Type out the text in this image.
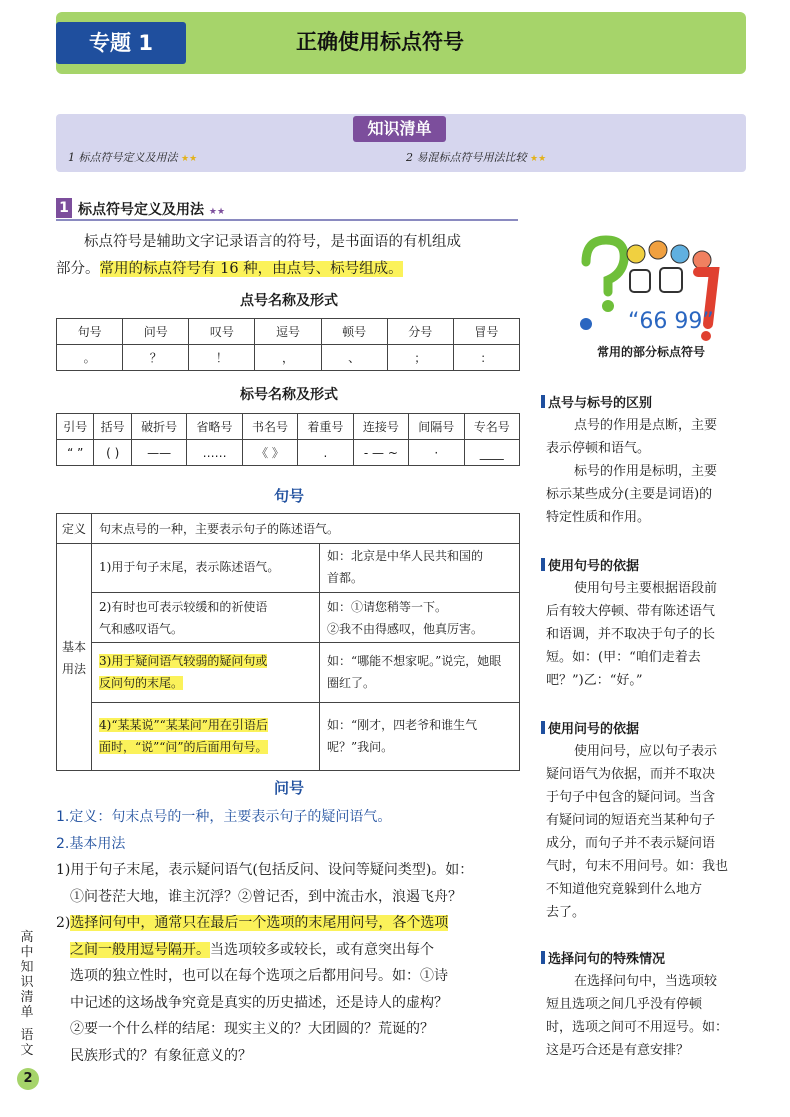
专题 1	正确使用标点符号
知识清单
1 标点符号定义及用法 ★★	2 易混标点符号用法比较 ★★
1 标点符号定义及用法 ★★
标点符号是辅助文字记录语言的符号，是书面语的有机组成
部分。常用的标点符号有 16 种，由点号、标号组成。
点号名称及形式
句号	问号	叹号	逗号	顿号	分号	冒号
。	？	！	，	、	；	：
标号名称及形式
引号	括号	破折号	省略号	书名号	着重号	连接号	间隔号	专名号
“ ”	( )	——	……	《 》	.	- — ~	·	____
句号
定义	句末点号的一种，主要表示句子的陈述语气。
基本
用法
1)用于句子末尾，表示陈述语气。
如：北京是中华人民共和国的
首都。
2)有时也可表示较缓和的祈使语
气和感叹语气。
如：①请您稍等一下。
②我不由得感叹，他真厉害。
3)用于疑问语气较弱的疑问句或
反问句的末尾。
如：“哪能不想家呢。”说完，她眼
圈红了。
4)“某某说”“某某问”用在引语后
面时，“说”“问”的后面用句号。
如：“刚才，四老爷和谁生气
呢？”我问。
问号
1.定义：句末点号的一种，主要表示句子的疑问语气。
2.基本用法
1)用于句子末尾，表示疑问语气(包括反问、设问等疑问类型)。如：
①问苍茫大地，谁主沉浮？②曾记否，到中流击水，浪遏飞舟？
2)选择问句中，通常只在最后一个选项的末尾用问号，各个选项
之间一般用逗号隔开。当选项较多或较长，或有意突出每个
选项的独立性时，也可以在每个选项之后都用问号。如：①诗
中记述的这场战争究竟是真实的历史描述，还是诗人的虚构？
②要一个什么样的结尾：现实主义的？大团圆的？荒诞的？
民族形式的？有象征意义的？
“66 99”
常用的部分标点符号
点号与标号的区别
点号的作用是点断，主要
表示停顿和语气。
标号的作用是标明，主要
标示某些成分(主要是词语)的
特定性质和作用。
使用句号的依据
使用句号主要根据语段前
后有较大停顿、带有陈述语气
和语调，并不取决于句子的长
短。如：(甲：“咱们走着去
吧？”)乙：“好。”
使用问号的依据
使用问号，应以句子表示
疑问语气为依据，而并不取决
于句子中包含的疑问词。当含
有疑问词的短语充当某种句子
成分，而句子并不表示疑问语
气时，句末不用问号。如：我也
不知道他究竟躲到什么地方
去了。
选择问句的特殊情况
在选择问句中，当选项较
短且选项之间几乎没有停顿
时，选项之间可不用逗号。如：
这是巧合还是有意安排？
高中知识清单
语文
2
